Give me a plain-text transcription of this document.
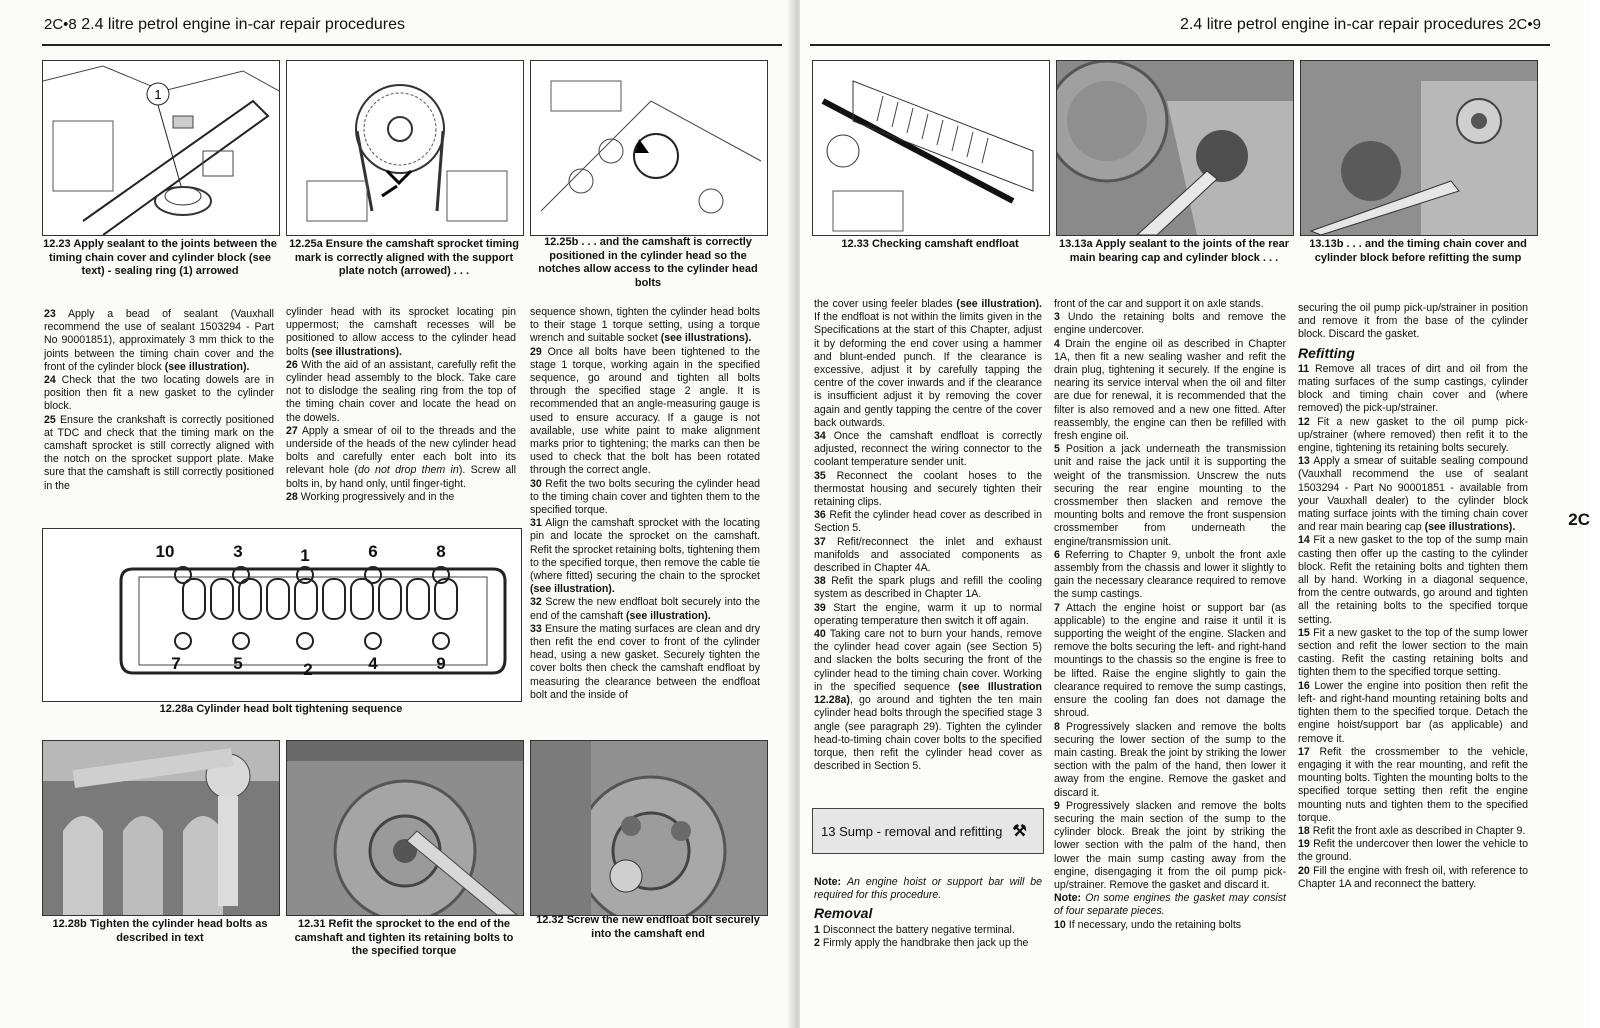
2C•8 2.4 litre petrol engine in-car repair procedures
1
12.23 Apply sealant to the joints between the timing chain cover and cylinder block (see text) - sealing ring (1) arrowed
12.25a Ensure the camshaft sprocket timing mark is correctly aligned with the support plate notch (arrowed) . . .
12.25b . . . and the camshaft is correctly positioned in the cylinder head so the notches allow access to the cylinder head bolts

23 Apply a bead of sealant (Vauxhall recommend the use of sealant 1503294 - Part No 90001851), approximately 3 mm thick to the joints between the timing chain cover and the front of the cylinder block (see illustration).

24 Check that the two locating dowels are in position then fit a new gasket to the cylinder block.

25 Ensure the crankshaft is correctly positioned at TDC and check that the timing mark on the camshaft sprocket is still correctly aligned with the notch on the sprocket support plate. Make sure that the camshaft is still correctly positioned in the

cylinder head with its sprocket locating pin uppermost; the camshaft recesses will be positioned to allow access to the cylinder head bolts (see illustrations).

26 With the aid of an assistant, carefully refit the cylinder head assembly to the block. Take care not to dislodge the sealing ring from the top of the timing chain cover and locate the head on the dowels.

27 Apply a smear of oil to the threads and the underside of the heads of the new cylinder head bolts and carefully enter each bolt into its relevant hole (do not drop them in). Screw all bolts in, by hand only, until finger-tight.

28 Working progressively and in the

sequence shown, tighten the cylinder head bolts to their stage 1 torque setting, using a torque wrench and suitable socket (see illustrations).

29 Once all bolts have been tightened to the stage 1 torque, working again in the specified sequence, go around and tighten all bolts through the specified stage 2 angle. It is recommended that an angle-measuring gauge is used to ensure accuracy. If a gauge is not available, use white paint to make alignment marks prior to tightening; the marks can then be used to check that the bolt has been rotated through the correct angle.

30 Refit the two bolts securing the cylinder head to the timing chain cover and tighten them to the specified torque.

31 Align the camshaft sprocket with the locating pin and locate the sprocket on the camshaft. Refit the sprocket retaining bolts, tightening them to the specified torque, then remove the cable tie (where fitted) securing the chain to the sprocket (see illustration).

32 Screw the new endfloat bolt securely into the end of the camshaft (see illustration).

33 Ensure the mating surfaces are clean and dry then refit the end cover to front of the cylinder head, using a new gasket. Securely tighten the cover bolts then check the camshaft endfloat by measuring the clearance between the endfloat bolt and the inside of

10	3	1	6	8
7	5	2	4	9
12.28a Cylinder head bolt tightening sequence
12.28b Tighten the cylinder head bolts as described in text
12.31 Refit the sprocket to the end of the camshaft and tighten its retaining bolts to the specified torque
12.32 Screw the new endfloat bolt securely into the camshaft end
2.4 litre petrol engine in-car repair procedures 2C•9
2C
12.33 Checking camshaft endfloat	13.13a Apply sealant to the joints of the rear main bearing cap and cylinder block . . .
13.13b . . . and the timing chain cover and cylinder block before refitting the sump

the cover using feeler blades (see illustration). If the endfloat is not within the limits given in the Specifications at the start of this Chapter, adjust it by deforming the end cover using a hammer and blunt-ended punch. If the clearance is excessive, adjust it by carefully tapping the centre of the cover inwards and if the clearance is insufficient adjust it by removing the cover again and gently tapping the centre of the cover back outwards.

34 Once the camshaft endfloat is correctly adjusted, reconnect the wiring connector to the coolant temperature sender unit.

35 Reconnect the coolant hoses to the thermostat housing and securely tighten their retaining clips.

36 Refit the cylinder head cover as described in Section 5.

37 Refit/reconnect the inlet and exhaust manifolds and associated components as described in Chapter 4A.

38 Refit the spark plugs and refill the cooling system as described in Chapter 1A.

39 Start the engine, warm it up to normal operating temperature then switch it off again.

40 Taking care not to burn your hands, remove the cylinder head cover again (see Section 5) and slacken the bolts securing the front of the cylinder head to the timing chain cover. Working in the specified sequence (see Illustration 12.28a), go around and tighten the ten main cylinder head bolts through the specified stage 3 angle (see paragraph 29). Tighten the cylinder head-to-timing chain cover bolts to the specified torque, then refit the cylinder head cover as described in Section 5.

13 Sump - removal and refitting ⚒

Note: An engine hoist or support bar will be required for this procedure.

Removal

1 Disconnect the battery negative terminal.

2 Firmly apply the handbrake then jack up the

front of the car and support it on axle stands.

3 Undo the retaining bolts and remove the engine undercover.

4 Drain the engine oil as described in Chapter 1A, then fit a new sealing washer and refit the drain plug, tightening it securely. If the engine is nearing its service interval when the oil and filter are due for renewal, it is recommended that the filter is also removed and a new one fitted. After reassembly, the engine can then be refilled with fresh engine oil.

5 Position a jack underneath the transmission unit and raise the jack until it is supporting the weight of the transmission. Unscrew the nuts securing the rear engine mounting to the crossmember then slacken and remove the mounting bolts and remove the front suspension crossmember from underneath the engine/transmission unit.

6 Referring to Chapter 9, unbolt the front axle assembly from the chassis and lower it slightly to gain the necessary clearance required to remove the sump castings.

7 Attach the engine hoist or support bar (as applicable) to the engine and raise it until it is supporting the weight of the engine. Slacken and remove the bolts securing the left- and right-hand mountings to the chassis so the engine is free to be lifted. Raise the engine slightly to gain the clearance required to remove the sump castings, ensure the cooling fan does not damage the shroud.

8 Progressively slacken and remove the bolts securing the lower section of the sump to the main casting. Break the joint by striking the lower section with the palm of the hand, then lower it away from the engine. Remove the gasket and discard it.

9 Progressively slacken and remove the bolts securing the main section of the sump to the cylinder block. Break the joint by striking the lower section with the palm of the hand, then lower the main sump casting away from the engine, disengaging it from the oil pump pick-up/strainer. Remove the gasket and discard it.

Note: On some engines the gasket may consist of four separate pieces.

10 If necessary, undo the retaining bolts

securing the oil pump pick-up/strainer in position and remove it from the base of the cylinder block. Discard the gasket.

Refitting

11 Remove all traces of dirt and oil from the mating surfaces of the sump castings, cylinder block and timing chain cover and (where removed) the pick-up/strainer.

12 Fit a new gasket to the oil pump pick-up/strainer (where removed) then refit it to the engine, tightening its retaining bolts securely.

13 Apply a smear of suitable sealing compound (Vauxhall recommend the use of sealant 1503294 - Part No 90001851 - available from your Vauxhall dealer) to the cylinder block mating surface joints with the timing chain cover and rear main bearing cap (see illustrations).

14 Fit a new gasket to the top of the sump main casting then offer up the casting to the cylinder block. Refit the retaining bolts and tighten them all by hand. Working in a diagonal sequence, from the centre outwards, go around and tighten all the retaining bolts to the specified torque setting.

15 Fit a new gasket to the top of the sump lower section and refit the lower section to the main casting. Refit the casting retaining bolts and tighten them to the specified torque setting.

16 Lower the engine into position then refit the left- and right-hand mounting retaining bolts and tighten them to the specified torque. Detach the engine hoist/support bar (as applicable) and remove it.

17 Refit the crossmember to the vehicle, engaging it with the rear mounting, and refit the mounting bolts. Tighten the mounting bolts to the specified torque setting then refit the engine mounting nuts and tighten them to the specified torque.

18 Refit the front axle as described in Chapter 9.

19 Refit the undercover then lower the vehicle to the ground.

20 Fill the engine with fresh oil, with reference to Chapter 1A and reconnect the battery.
